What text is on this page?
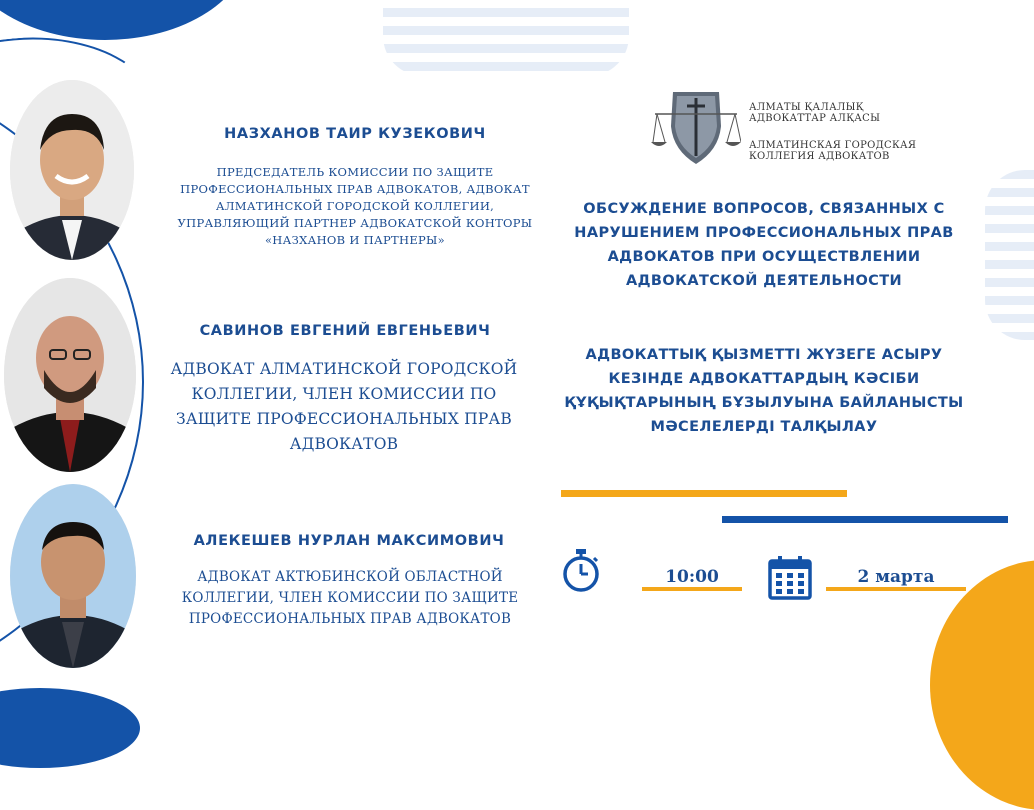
НАЗХАНОВ ТАИР КУЗЕКОВИЧ
ПРЕДСЕДАТЕЛЬ КОМИССИИ ПО ЗАЩИТЕ ПРОФЕССИОНАЛЬНЫХ ПРАВ АДВОКАТОВ, АДВОКАТ АЛМАТИНСКОЙ ГОРОДСКОЙ КОЛЛЕГИИ, УПРАВЛЯЮЩИЙ ПАРТНЕР АДВОКАТСКОЙ КОНТОРЫ «НАЗХАНОВ И ПАРТНЕРЫ»
САВИНОВ ЕВГЕНИЙ ЕВГЕНЬЕВИЧ
АДВОКАТ АЛМАТИНСКОЙ ГОРОДСКОЙ КОЛЛЕГИИ, ЧЛЕН КОМИССИИ ПО ЗАЩИТЕ ПРОФЕССИОНАЛЬНЫХ ПРАВ АДВОКАТОВ
АЛЕКЕШЕВ НУРЛАН МАКСИМОВИЧ
АДВОКАТ АКТЮБИНСКОЙ ОБЛАСТНОЙ КОЛЛЕГИИ, ЧЛЕН КОМИССИИ ПО ЗАЩИТЕ ПРОФЕССИОНАЛЬНЫХ ПРАВ АДВОКАТОВ
АЛМАТЫ ҚАЛАЛЫҚ
АДВОКАТТАР АЛҚАСЫ
АЛМАТИНСКАЯ ГОРОДСКАЯ
КОЛЛЕГИЯ АДВОКАТОВ
ОБСУЖДЕНИЕ ВОПРОСОВ, СВЯЗАННЫХ С НАРУШЕНИЕМ ПРОФЕССИОНАЛЬНЫХ ПРАВ АДВОКАТОВ ПРИ ОСУЩЕСТВЛЕНИИ АДВОКАТСКОЙ ДЕЯТЕЛЬНОСТИ
АДВОКАТТЫҚ ҚЫЗМЕТТІ ЖҮЗЕГЕ АСЫРУ КЕЗІНДЕ АДВОКАТТАРДЫҢ КӘСІБИ ҚҰҚЫҚТАРЫНЫҢ БҰЗЫЛУЫНА БАЙЛАНЫСТЫ МӘСЕЛЕЛЕРДІ ТАЛҚЫЛАУ
10:00	2 марта
